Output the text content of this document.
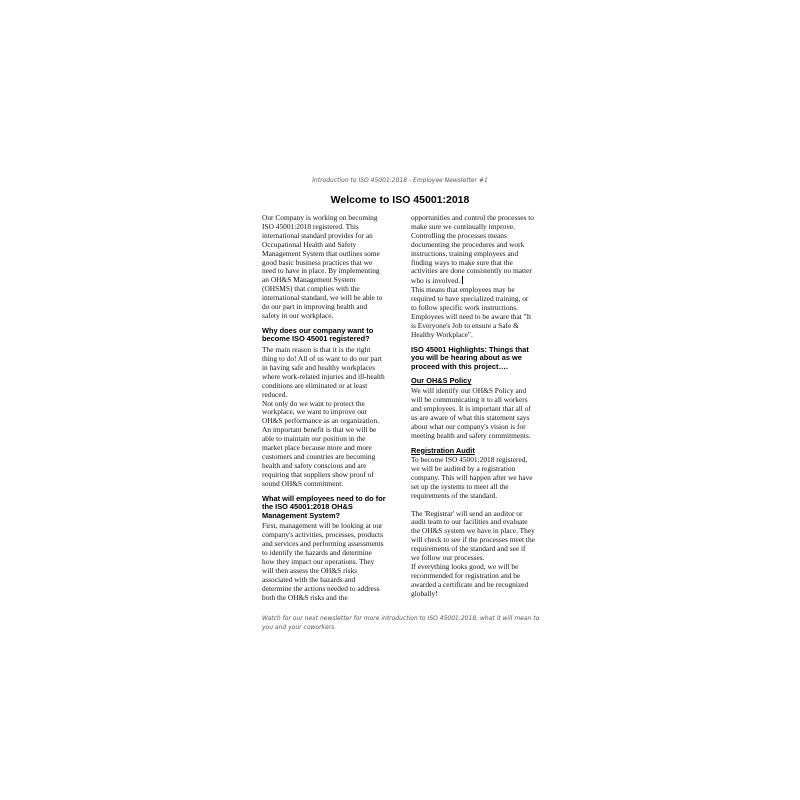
Introduction to ISO 45001:2018 - Employee Newsletter #1
Welcome to ISO 45001:2018

Our Company is working on becoming ISO 45001:2018 registered. This international standard provides for an Occupational Health and Safety Management System that outlines some good basic business practices that we need to have in place. By implementing an OH&S Management System (OHSMS) that complies with the international standard, we will be able to do our part in improving health and safety in our workplace.

Why does our company want to become ISO 45001 registered?

The main reason is that it is the right thing to do! All of us want to do our part in having safe and healthy workplaces where work-related injuries and ill-health conditions are eliminated or at least reduced.

Not only do we want to protect the workplace, we want to improve our OH&S performance as an organization. An important benefit is that we will be able to maintain our position in the market place because more and more customers and countries are becoming health and safety conscious and are requiring that suppliers show proof of sound OH&S commitment.

What will employees need to do for the ISO 45001:2018 OH&S Management System?

First, management will be looking at our company's activities, processes, products and services and performing assessments to identify the hazards and determine how they impact our operations. They will then assess the OH&S risks associated with the hazards and determine the actions needed to address both the OH&S risks and the

opportunities and control the processes to make sure we continually improve. Controlling the processes means documenting the procedures and work instructions, training employees and finding ways to make sure that the activities are done consistently no matter who is involved.

This means that employees may be required to have specialized training, or to follow specific work instructions. Employees will need to be aware that "It is Everyone's Job to ensure a Safe & Healthy Workplace".

ISO 45001 Highlights: Things that you will be hearing about as we proceed with this project….
Our OH&S Policy

We will identify our OH&S Policy and will be communicating it to all workers and employees. It is important that all of us are aware of what this statement says about what our company's vision is for meeting health and safety commitments.

Registration Audit

To become ISO 45001:2018 registered, we will be audited by a registration company. This will happen after we have set up the systems to meet all the requirements of the standard.

The 'Registrar' will send an auditor or audit team to our facilities and evaluate the OH&S system we have in place. They will check to see if the processes meet the requirements of the standard and see if we follow our processes.

If everything looks good, we will be recommended for registration and be awarded a certificate and be recognized globally!

Watch for our next newsletter for more introduction to ISO 45001:2018, what it will mean to you and your coworkers.
